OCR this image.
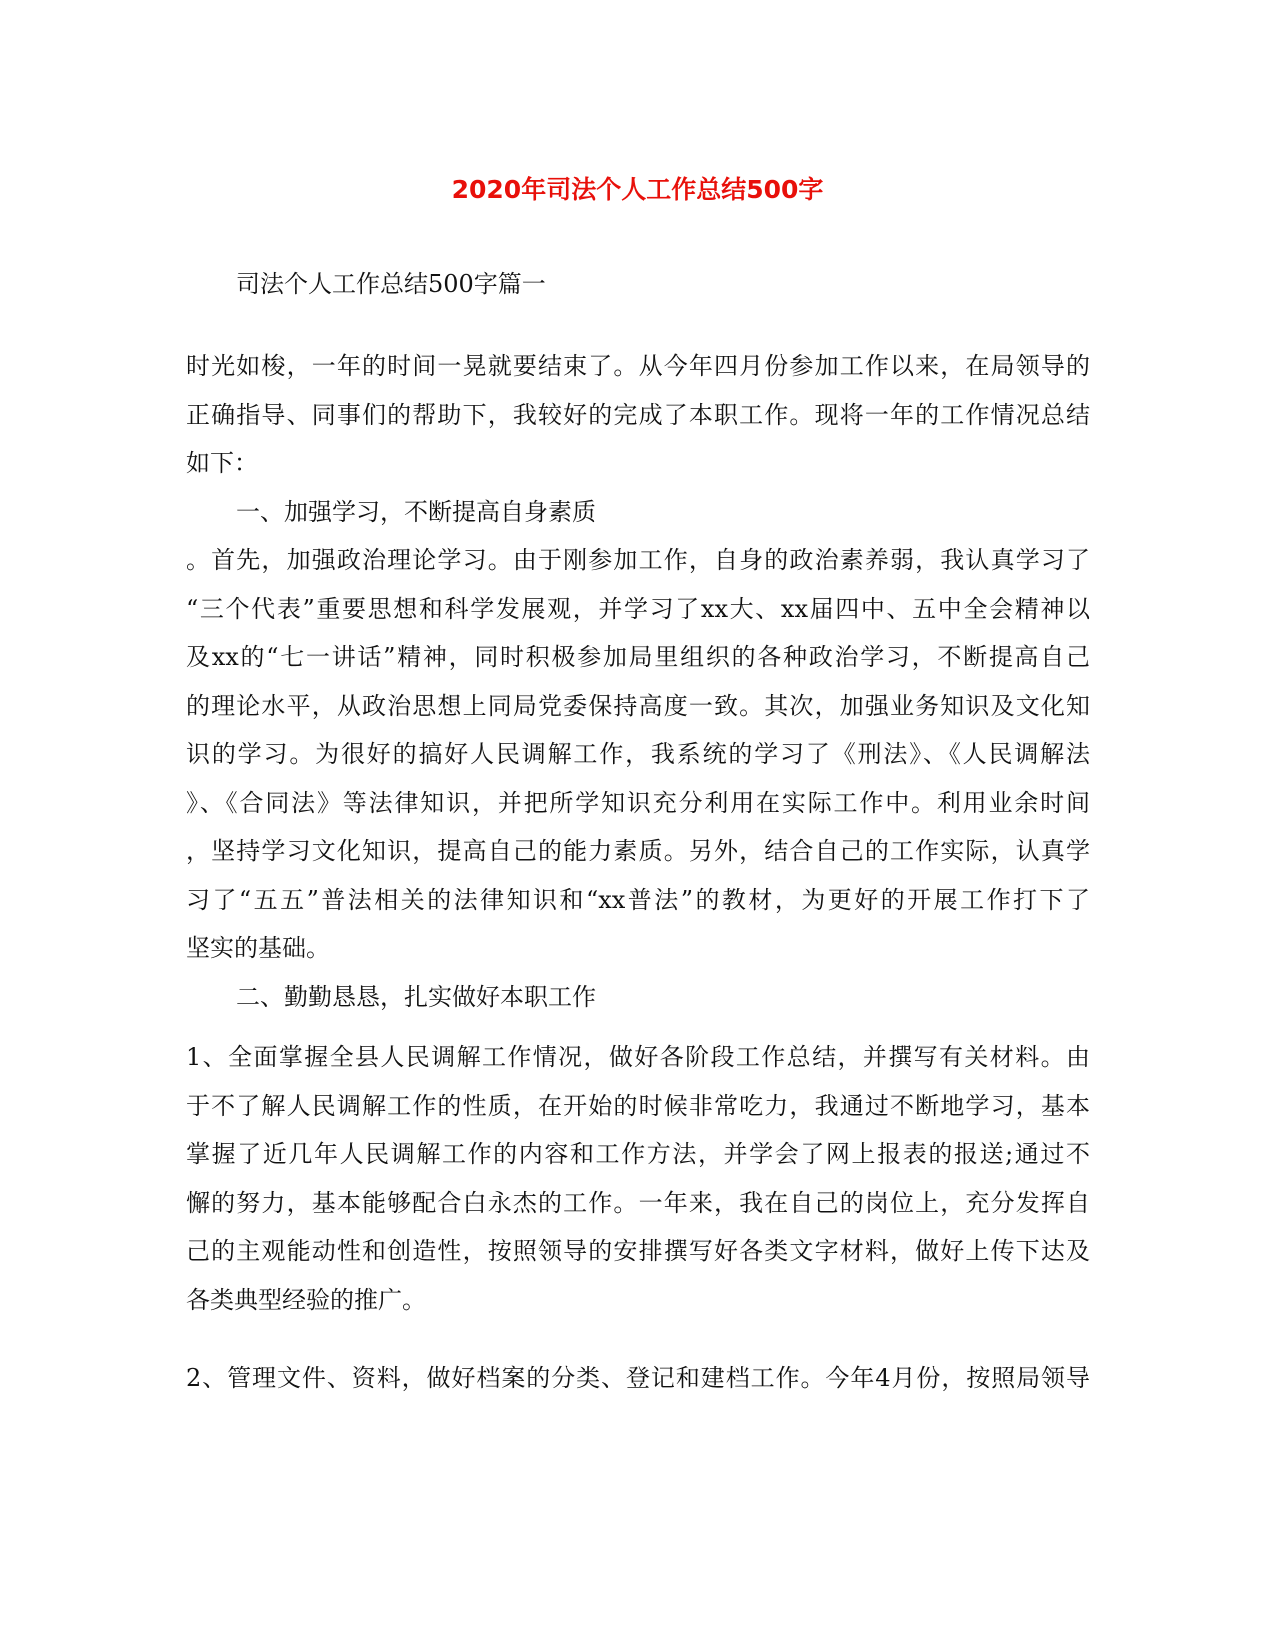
2020年司法个人工作总结500字
司法个人工作总结500字篇一
时光如梭，一年的时间一晃就要结束了。从今年四月份参加工作以来，在局领导的
正确指导、同事们的帮助下，我较好的完成了本职工作。现将一年的工作情况总结
如下：
一、加强学习，不断提高自身素质
。首先，加强政治理论学习。由于刚参加工作，自身的政治素养弱，我认真学习了
“三个代表”重要思想和科学发展观，并学习了xx大、xx届四中、五中全会精神以
及xx的“七一讲话”精神，同时积极参加局里组织的各种政治学习，不断提高自己
的理论水平，从政治思想上同局党委保持高度一致。其次，加强业务知识及文化知
识的学习。为很好的搞好人民调解工作，我系统的学习了《刑法》、《人民调解法
》、《合同法》等法律知识，并把所学知识充分利用在实际工作中。利用业余时间
，坚持学习文化知识，提高自己的能力素质。另外，结合自己的工作实际，认真学
习了“五五”普法相关的法律知识和“xx普法”的教材，为更好的开展工作打下了
坚实的基础。
二、勤勤恳恳，扎实做好本职工作
1、全面掌握全县人民调解工作情况，做好各阶段工作总结，并撰写有关材料。由
于不了解人民调解工作的性质，在开始的时候非常吃力，我通过不断地学习，基本
掌握了近几年人民调解工作的内容和工作方法，并学会了网上报表的报送;通过不
懈的努力，基本能够配合白永杰的工作。一年来，我在自己的岗位上，充分发挥自
己的主观能动性和创造性，按照领导的安排撰写好各类文字材料，做好上传下达及
各类典型经验的推广。
2、管理文件、资料，做好档案的分类、登记和建档工作。今年4月份，按照局领导
